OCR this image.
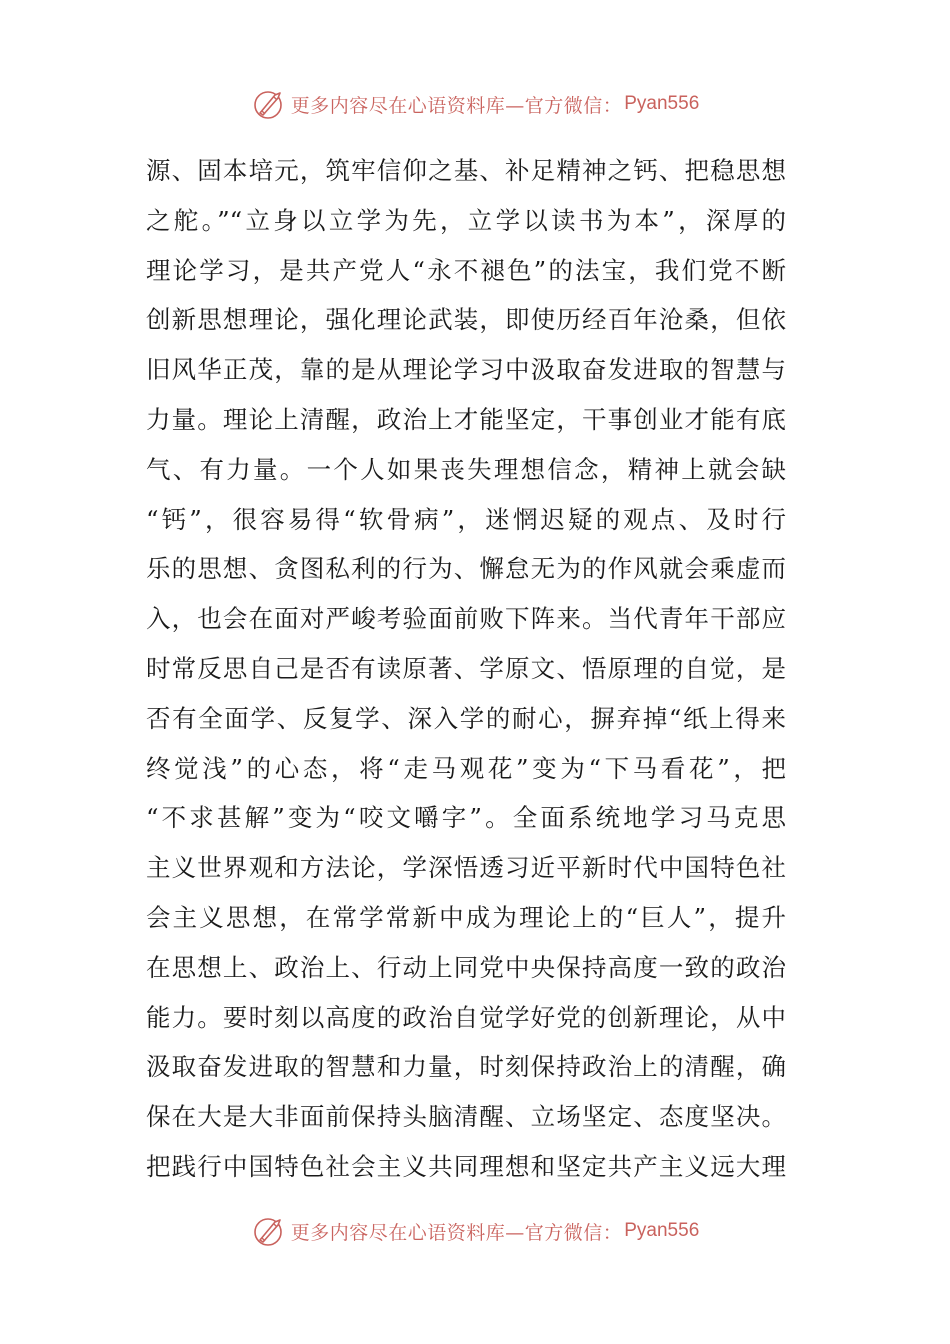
更多内容尽在心语资料库—官方微信： Pyan556
源、固本培元，筑牢信仰之基、补足精神之钙、把稳思想
之舵。”“立身以立学为先，立学以读书为本”，深厚的
理论学习，是共产党人“永不褪色”的法宝，我们党不断
创新思想理论，强化理论武装，即使历经百年沧桑，但依
旧风华正茂，靠的是从理论学习中汲取奋发进取的智慧与
力量。理论上清醒，政治上才能坚定，干事创业才能有底
气、有力量。一个人如果丧失理想信念，精神上就会缺
“钙”，很容易得“软骨病”，迷惘迟疑的观点、及时行
乐的思想、贪图私利的行为、懈怠无为的作风就会乘虚而
入，也会在面对严峻考验面前败下阵来。当代青年干部应
时常反思自己是否有读原著、学原文、悟原理的自觉，是
否有全面学、反复学、深入学的耐心，摒弃掉“纸上得来
终觉浅”的心态，将“走马观花”变为“下马看花”，把
“不求甚解”变为“咬文嚼字”。全面系统地学习马克思
主义世界观和方法论，学深悟透习近平新时代中国特色社
会主义思想，在常学常新中成为理论上的“巨人”，提升
在思想上、政治上、行动上同党中央保持高度一致的政治
能力。要时刻以高度的政治自觉学好党的创新理论，从中
汲取奋发进取的智慧和力量，时刻保持政治上的清醒，确
保在大是大非面前保持头脑清醒、立场坚定、态度坚决。
把践行中国特色社会主义共同理想和坚定共产主义远大理
更多内容尽在心语资料库—官方微信： Pyan556
